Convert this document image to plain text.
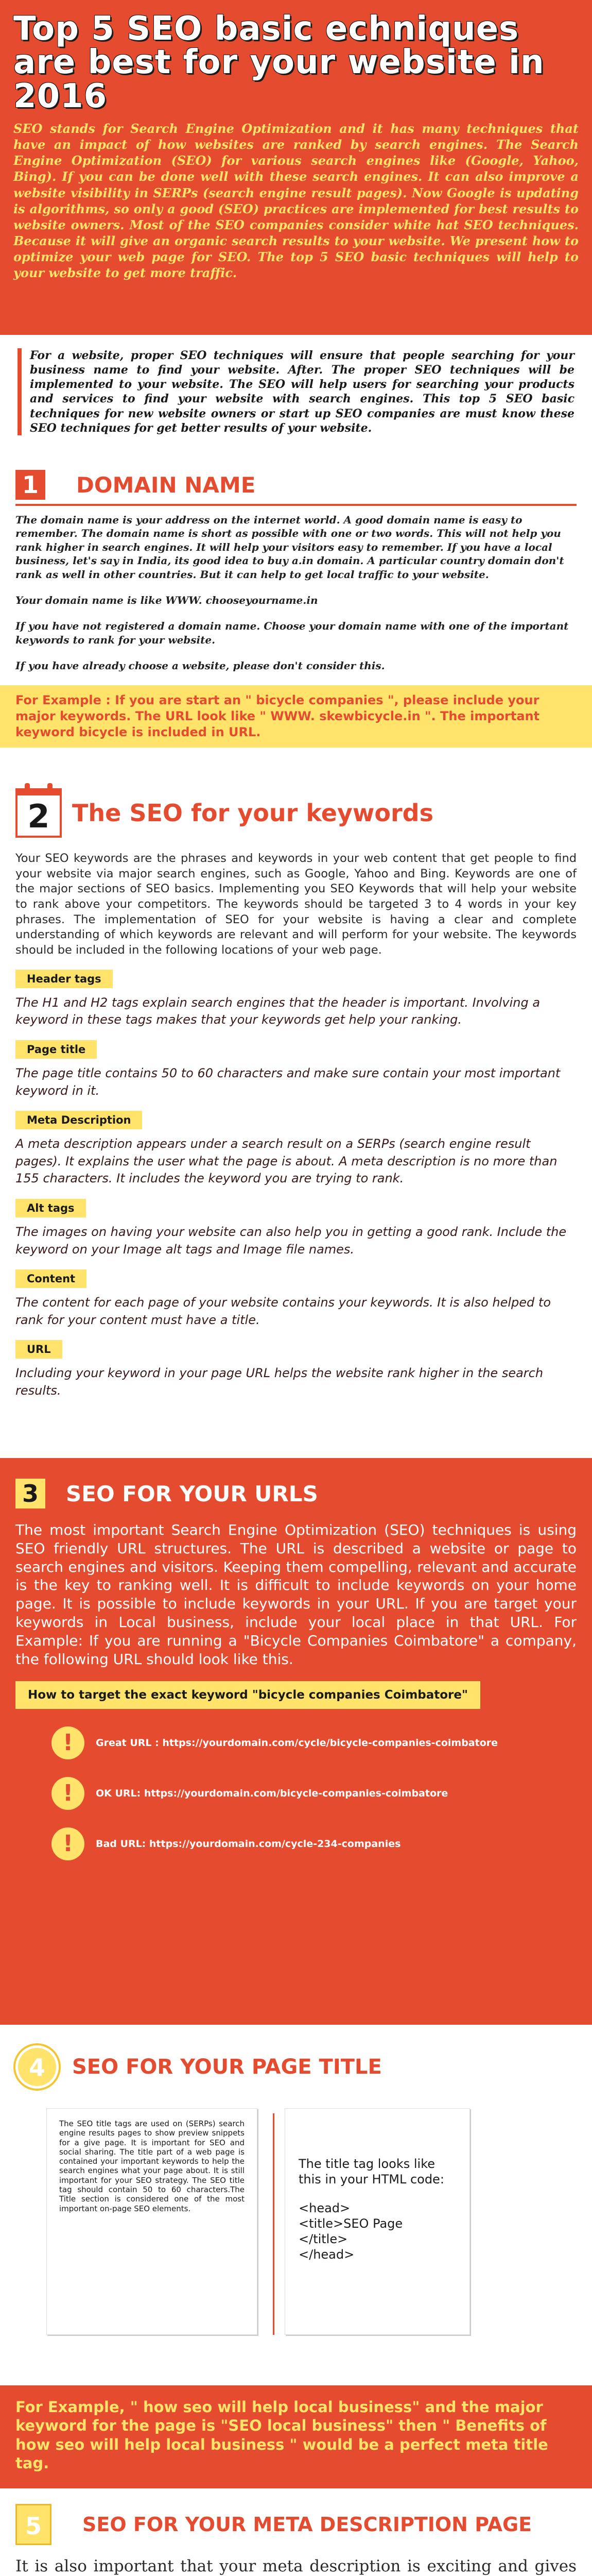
Top 5 SEO basic echniques are best for your website in 2016

SEO stands for Search Engine Optimization and it has many techniques that have an impact of how websites are ranked by search engines. The Search Engine Optimization (SEO) for various search engines like (Google, Yahoo, Bing). If you can be done well with these search engines. It can also improve a website visibility in SERPs (search engine result pages). Now Google is updating is algorithms, so only a good (SEO) practices are implemented for best results to website owners. Most of the SEO companies consider white hat SEO techniques. Because it will give an organic search results to your website. We present how to optimize your web page for SEO. The top 5 SEO basic techniques will help to your website to get more traffic.

For a website, proper SEO techniques will ensure that people searching for your business name to find your website. After. The proper SEO techniques will be implemented to your website. The SEO will help users for searching your products and services to find your website with search engines. This top 5 SEO basic techniques for new website owners or start up SEO companies are must know these SEO techniques for get better results of your website.
1	DOMAIN NAME

The domain name is your address on the internet world. A good domain name is easy to remember. The domain name is short as possible with one or two words. This will not help you rank higher in search engines. It will help your visitors easy to remember. If you have a local business, let's say in India, its good idea to buy a.in domain. A particular country domain don't rank as well in other countries. But it can help to get local traffic to your website.

Your domain name is like WWW. chooseyourname.in

If you have not registered a domain name. Choose your domain name with one of the important keywords to rank for your website.

If you have already choose a website, please don't consider this.

For Example : If you are start an " bicycle companies ", please include your major keywords. The URL look like " WWW. skewbicycle.in ". The important keyword bicycle is included in URL.
2 The SEO for your keywords

Your SEO keywords are the phrases and keywords in your web content that get people to find your website via major search engines, such as Google, Yahoo and Bing. Keywords are one of the major sections of SEO basics. Implementing you SEO Keywords that will help your website to rank above your competitors. The keywords should be targeted 3 to 4 words in your key phrases. The implementation of SEO for your website is having a clear and complete understanding of which keywords are relevant and will perform for your website. The keywords should be included in the following locations of your web page.

Header tags

The H1 and H2 tags explain search engines that the header is important. Involving a keyword in these tags makes that your keywords get help your ranking.

Page title

The page title contains 50 to 60 characters and make sure contain your most important keyword in it.

Meta Description

A meta description appears under a search result on a SERPs (search engine result pages). It explains the user what the page is about. A meta description is no more than 155 characters. It includes the keyword you are trying to rank.

Alt tags

The images on having your website can also help you in getting a good rank. Include the keyword on your Image alt tags and Image file names.

Content

The content for each page of your website contains your keywords. It is also helped to rank for your content must have a title.

URL

Including your keyword in your page URL helps the website rank higher in the search results.

3	SEO FOR YOUR URLS

The most important Search Engine Optimization (SEO) techniques is using SEO friendly URL structures. The URL is described a website or page to search engines and visitors. Keeping them compelling, relevant and accurate is the key to ranking well. It is difficult to include keywords on your home page. It is possible to include keywords in your URL. If you are target your keywords in Local business, include your local place in that URL. For Example: If you are running a "Bicycle Companies Coimbatore" a company, the following URL should look like this.

How to target the exact keyword "bicycle companies Coimbatore"
!	Great URL : https://yourdomain.com/cycle/bicycle-companies-coimbatore
!	OK URL: https://yourdomain.com/bicycle-companies-coimbatore
!	Bad URL: https://yourdomain.com/cycle-234-companies
4	SEO FOR YOUR PAGE TITLE
The SEO title tags are used on (SERPs) search engine results pages to show preview snippets for a give page. It is important for SEO and social sharing. The title part of a web page is contained your important keywords to help the search engines what your page about. It is still important for your SEO strategy. The SEO title tag should contain 50 to 60 characters.The Title section is considered one of the most important on-page SEO elements.
The title tag looks like this in your HTML code:
<head>
<title>SEO Page
</title>
</head>
For Example, " how seo will help local business" and the major keyword for the page is "SEO local business" then " Benefits of how seo will help local business " would be a perfect meta title tag.
5	SEO FOR YOUR META DESCRIPTION PAGE

It is also important that your meta description is exciting and gives
